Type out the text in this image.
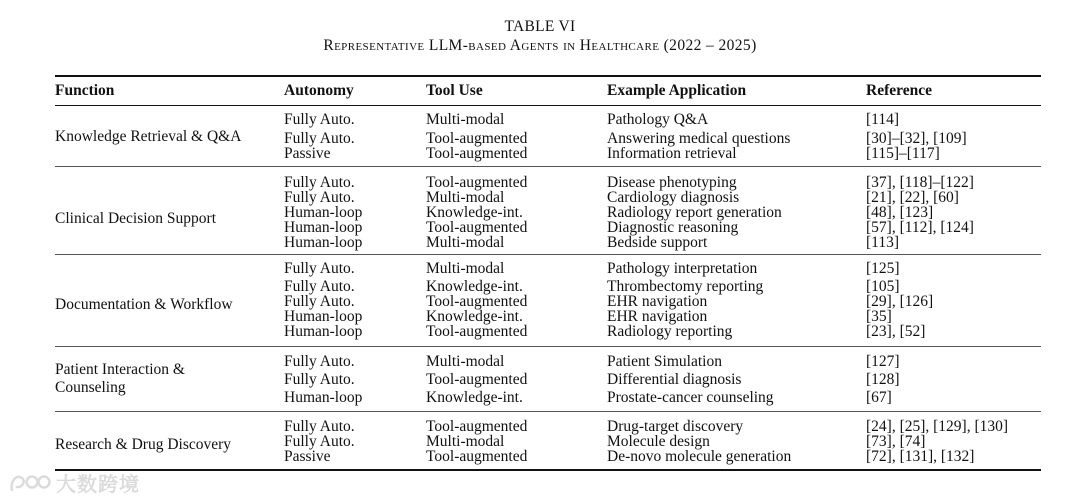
TABLE VI
Representative LLM-based Agents in Healthcare (2022 – 2025)
Function	Autonomy	Tool Use	Example Application	Reference
Knowledge Retrieval & Q&A
Fully Auto.	Multi-modal	Pathology Q&A	[114]
Fully Auto.	Tool-augmented	Answering medical questions	[30]–[32], [109]
Passive	Tool-augmented	Information retrieval	[115]–[117]
Clinical Decision Support
Fully Auto.	Tool-augmented	Disease phenotyping	[37], [118]–[122]
Fully Auto.	Multi-modal	Cardiology diagnosis	[21], [22], [60]
Human-loop	Knowledge-int.	Radiology report generation	[48], [123]
Human-loop	Tool-augmented	Diagnostic reasoning	[57], [112], [124]
Human-loop	Multi-modal	Bedside support	[113]
Documentation & Workflow
Fully Auto.	Multi-modal	Pathology interpretation	[125]
Fully Auto.	Knowledge-int.	Thrombectomy reporting	[105]
Fully Auto.	Tool-augmented	EHR navigation	[29], [126]
Human-loop	Knowledge-int.	EHR navigation	[35]
Human-loop	Tool-augmented	Radiology reporting	[23], [52]
Patient Interaction &
Counseling
Fully Auto.	Multi-modal	Patient Simulation	[127]
Fully Auto.	Tool-augmented	Differential diagnosis	[128]
Human-loop	Knowledge-int.	Prostate-cancer counseling	[67]
Research & Drug Discovery
Fully Auto.	Tool-augmented	Drug-target discovery	[24], [25], [129], [130]
Fully Auto.	Multi-modal	Molecule design	[73], [74]
Passive	Tool-augmented	De-novo molecule generation	[72], [131], [132]
大数跨境
